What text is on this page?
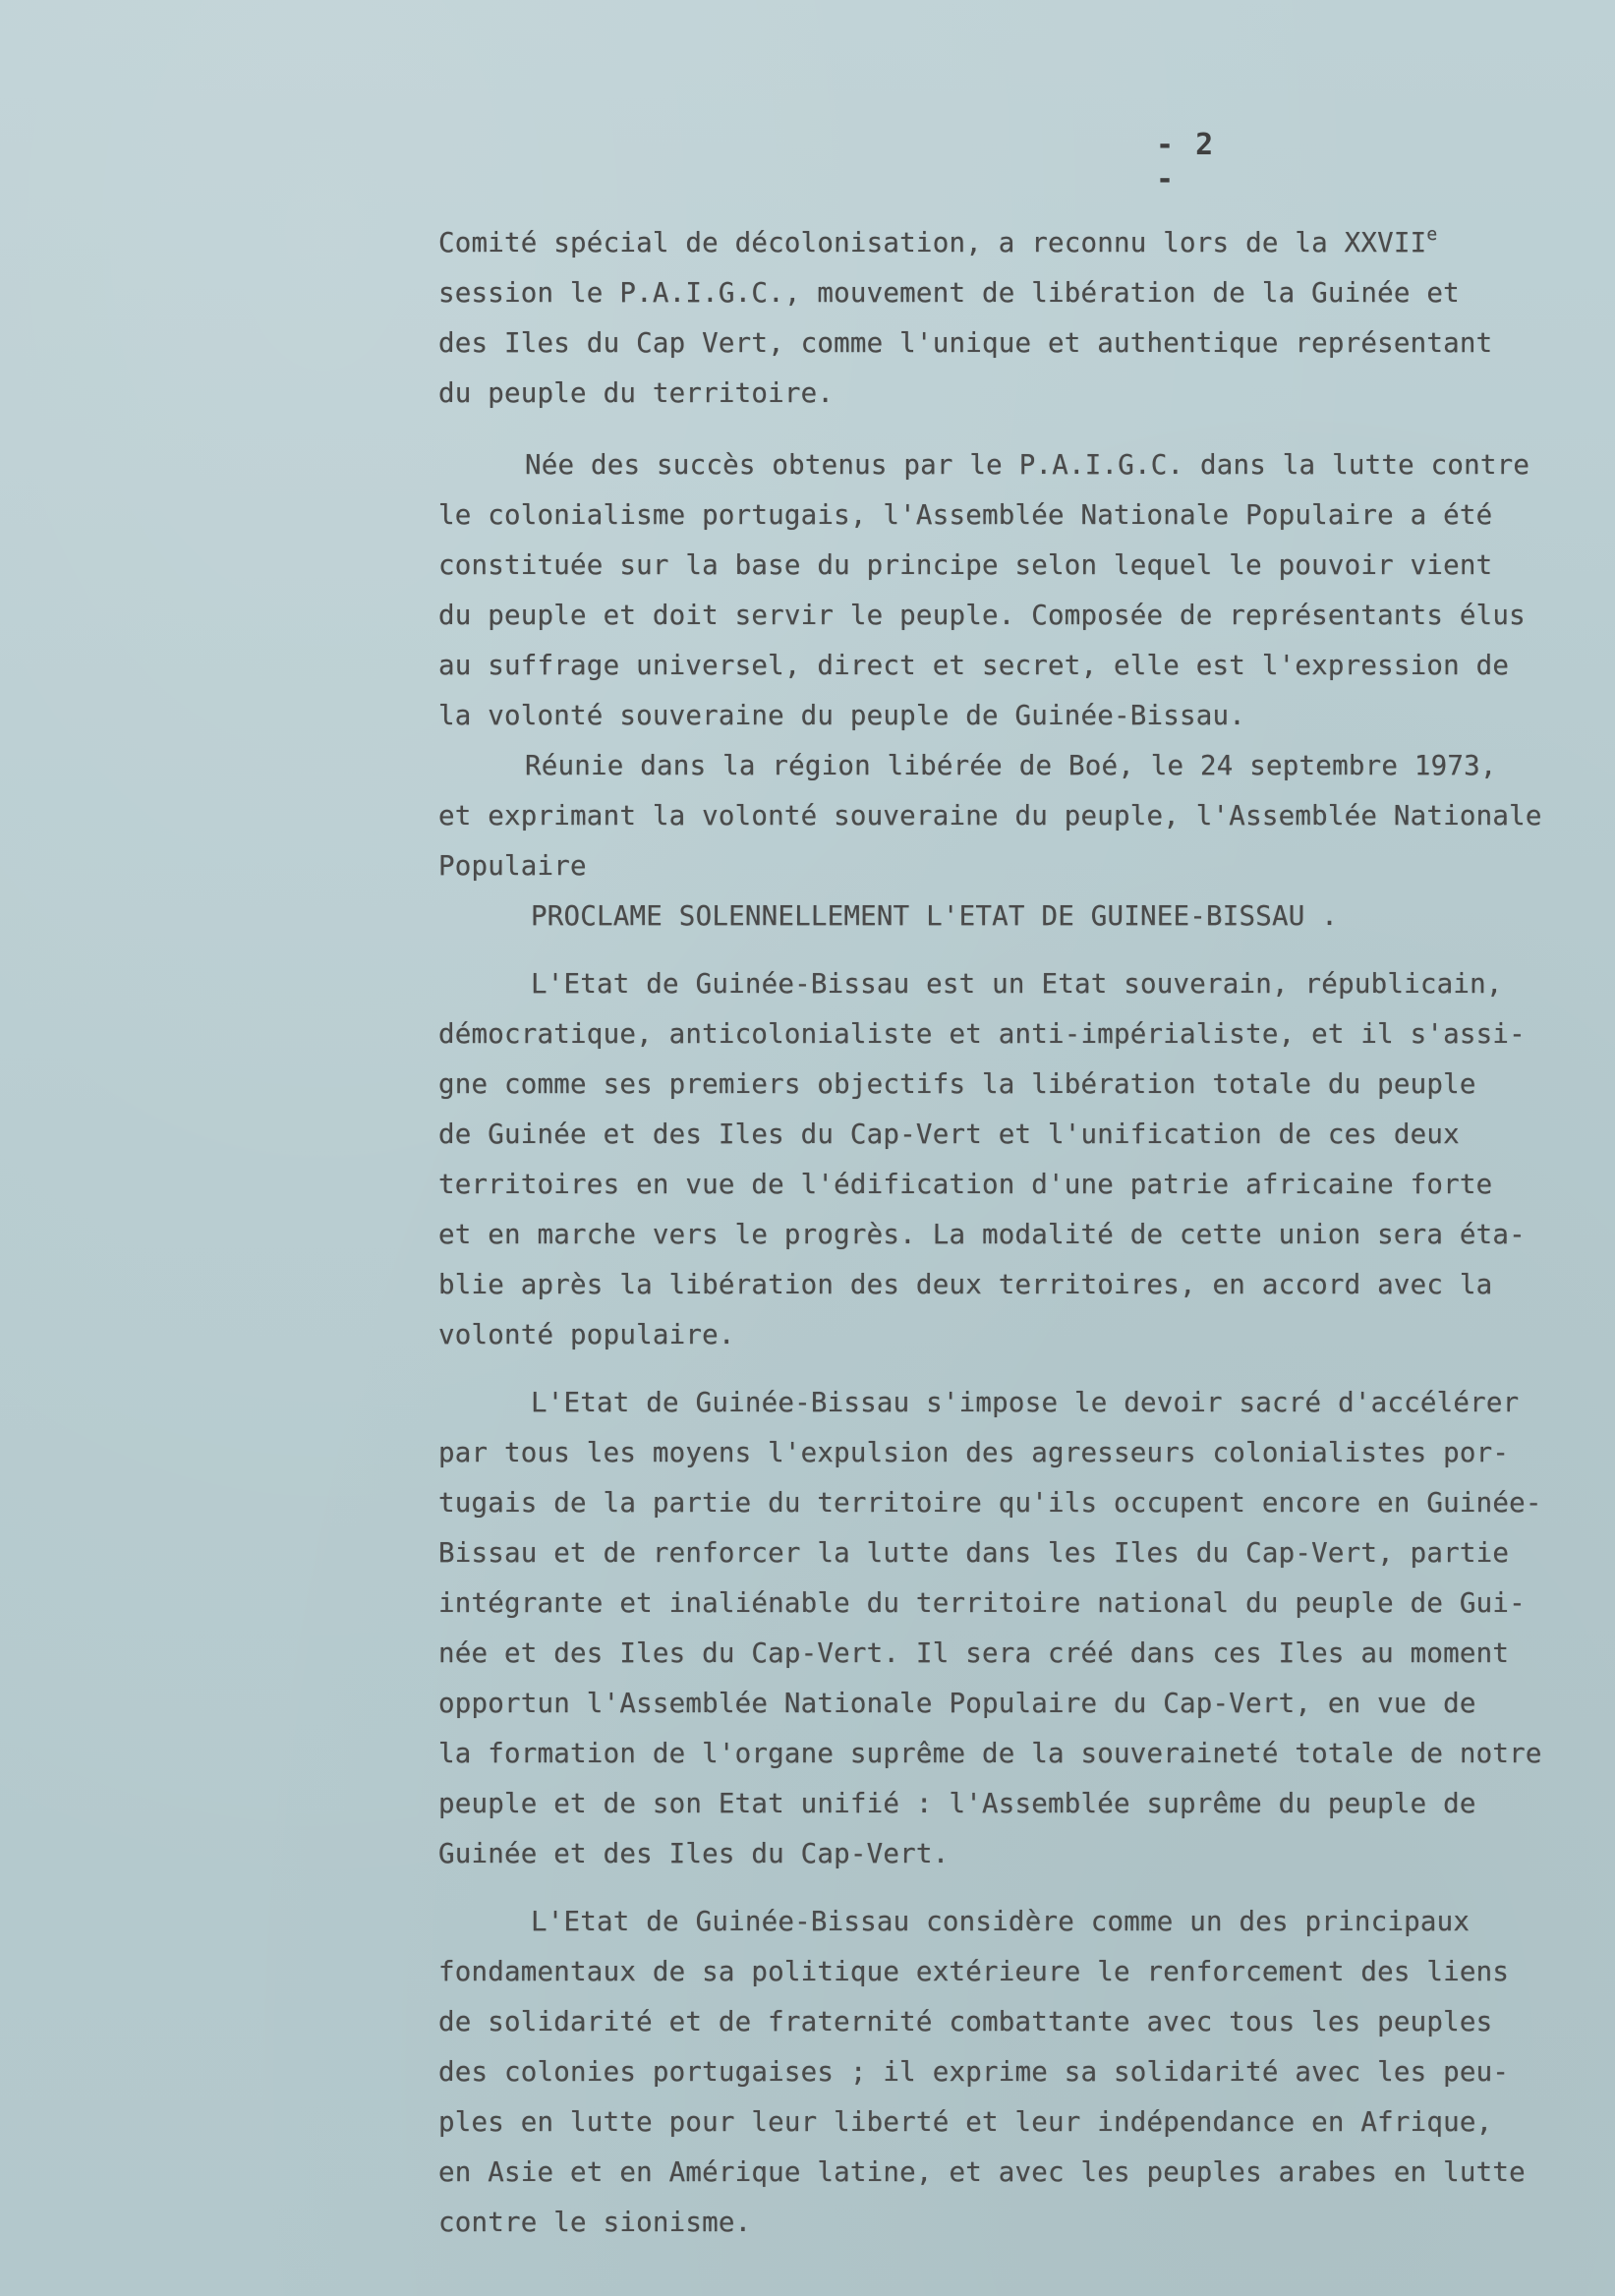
- 2 -
Comité spécial de décolonisation, a reconnu lors de la XXVIIe
session le P.A.I.G.C., mouvement de libération de la Guinée et
des Iles du Cap Vert, comme l'unique et authentique représentant
du peuple du territoire.
Née des succès obtenus par le P.A.I.G.C. dans la lutte contre
le colonialisme portugais, l'Assemblée Nationale Populaire a été
constituée sur la base du principe selon lequel le pouvoir vient
du peuple et doit servir le peuple. Composée de représentants élus
au suffrage universel, direct et secret, elle est l'expression de
la volonté souveraine du peuple de Guinée-Bissau.
Réunie dans la région libérée de Boé, le 24 septembre 1973,
et exprimant la volonté souveraine du peuple, l'Assemblée Nationale
Populaire
PROCLAME SOLENNELLEMENT L'ETAT DE GUINEE-BISSAU .
L'Etat de Guinée-Bissau est un Etat souverain, républicain,
démocratique, anticolonialiste et anti-impérialiste, et il s'assi-
gne comme ses premiers objectifs la libération totale du peuple
de Guinée et des Iles du Cap-Vert et l'unification de ces deux
territoires en vue de l'édification d'une patrie africaine forte
et en marche vers le progrès. La modalité de cette union sera éta-
blie après la libération des deux territoires, en accord avec la
volonté populaire.
L'Etat de Guinée-Bissau s'impose le devoir sacré d'accélérer
par tous les moyens l'expulsion des agresseurs colonialistes por-
tugais de la partie du territoire qu'ils occupent encore en Guinée-
Bissau et de renforcer la lutte dans les Iles du Cap-Vert, partie
intégrante et inaliénable du territoire national du peuple de Gui-
née et des Iles du Cap-Vert. Il sera créé dans ces Iles au moment
opportun l'Assemblée Nationale Populaire du Cap-Vert, en vue de
la formation de l'organe suprême de la souveraineté totale de notre
peuple et de son Etat unifié : l'Assemblée suprême du peuple de
Guinée et des Iles du Cap-Vert.
L'Etat de Guinée-Bissau considère comme un des principaux
fondamentaux de sa politique extérieure le renforcement des liens
de solidarité et de fraternité combattante avec tous les peuples
des colonies portugaises ; il exprime sa solidarité avec les peu-
ples en lutte pour leur liberté et leur indépendance en Afrique,
en Asie et en Amérique latine, et avec les peuples arabes en lutte
contre le sionisme.
